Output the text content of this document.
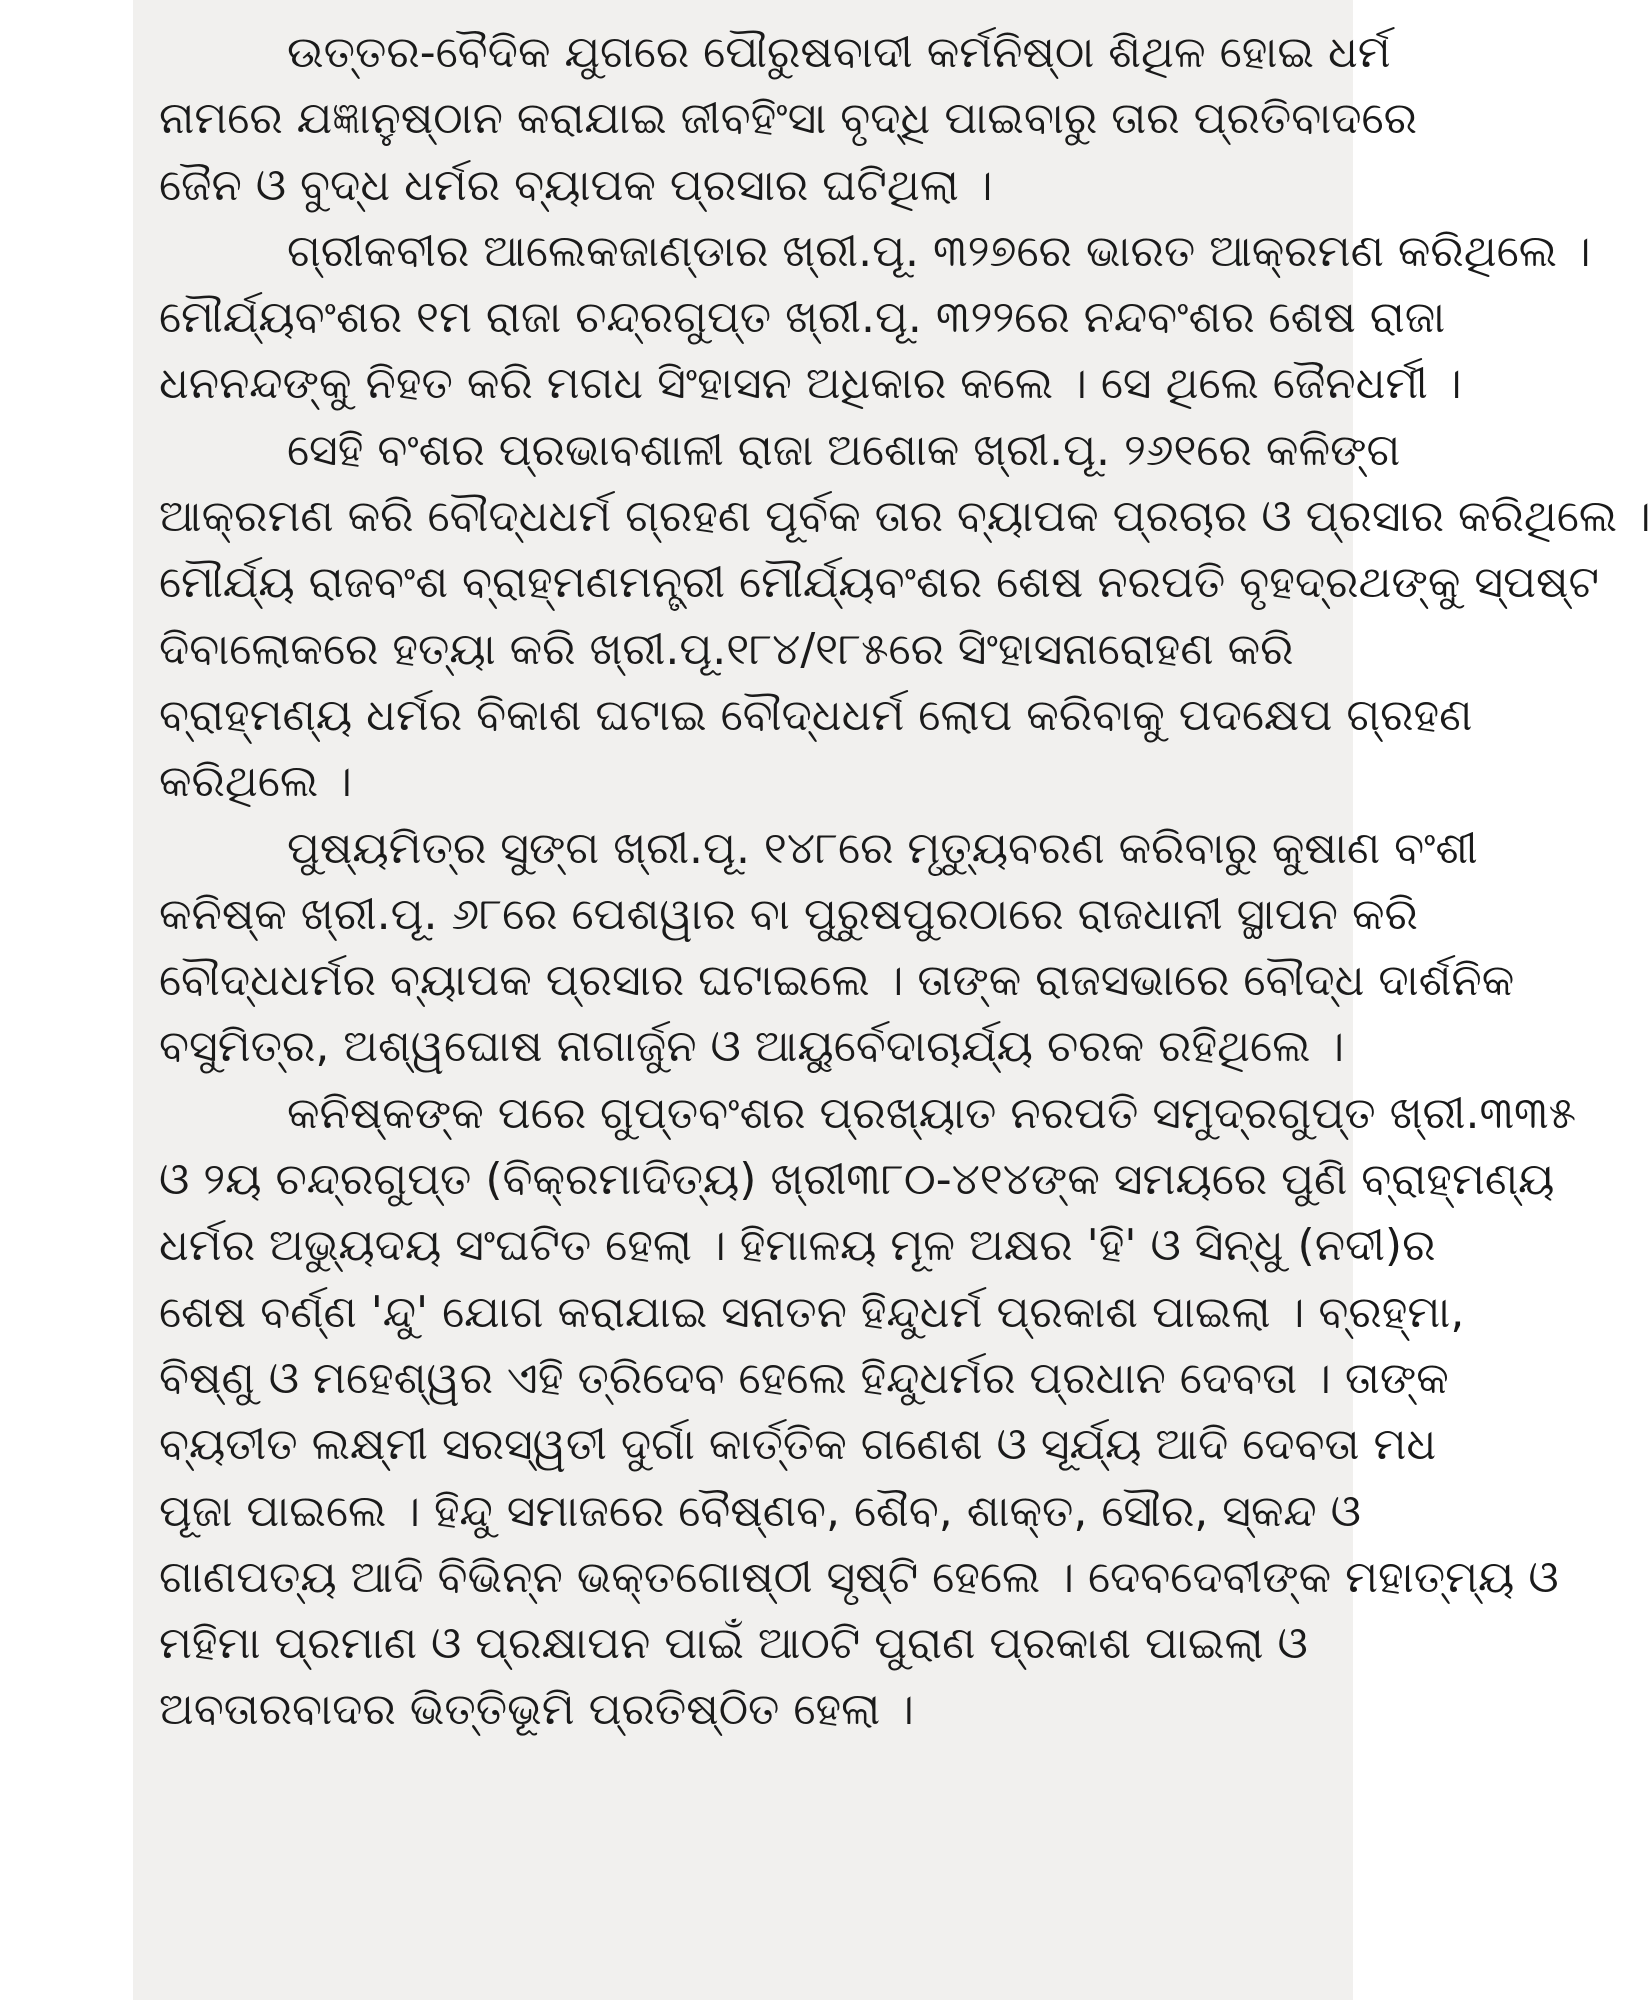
ଉତ୍ତର-ବୈଦିକ ଯୁଗରେ ପୌରୁଷବାଦୀ କର୍ମନିଷ୍ଠା ଶିଥିଳ ହୋଇ ଧର୍ମ
ନାମରେ ଯଜ୍ଞାନୁଷ୍ଠାନ କରାଯାଇ ଜୀବହିଂସା ବୃଦ୍ଧି ପାଇବାରୁ ତାର ପ୍ରତିବାଦରେ
ଜୈନ ଓ ବୁଦ୍ଧ ଧର୍ମର ବ୍ୟାପକ ପ୍ରସାର ଘଟିଥିଲା ।
ଗ୍ରୀକବୀର ଆଲେକଜାଣ୍ଡାର ଖ୍ରୀ.ପୂ. ୩୨୭ରେ ଭାରତ ଆକ୍ରମଣ କରିଥିଲେ ।
ମୌର୍ଯ୍ୟବଂଶର ୧ମ ରାଜା ଚନ୍ଦ୍ରଗୁପ୍ତ ଖ୍ରୀ.ପୂ. ୩୨୨ରେ ନନ୍ଦବଂଶର ଶେଷ ରାଜା
ଧନନନ୍ଦଙ୍କୁ ନିହତ କରି ମଗଧ ସିଂହାସନ ଅଧିକାର କଲେ । ସେ ଥିଲେ ଜୈନଧର୍ମୀ ।
ସେହି ବଂଶର ପ୍ରଭାବଶାଳୀ ରାଜା ଅଶୋକ ଖ୍ରୀ.ପୂ. ୨୬୧ରେ କଳିଙ୍ଗ
ଆକ୍ରମଣ କରି ବୌଦ୍ଧଧର୍ମ ଗ୍ରହଣ ପୂର୍ବକ ତାର ବ୍ୟାପକ ପ୍ରଚାର ଓ ପ୍ରସାର କରିଥିଲେ ।
ମୌର୍ଯ୍ୟ ରାଜବଂଶ ବ୍ରାହ୍ମଣମନ୍ତ୍ରୀ ମୌର୍ଯ୍ୟବଂଶର ଶେଷ ନରପତି ବୃହଦ୍ରଥଙ୍କୁ ସ୍ପଷ୍ଟ
ଦିବାଲୋକରେ ହତ୍ୟା କରି ଖ୍ରୀ.ପୂ.୧୮୪/୧୮୫ରେ ସିଂହାସନାରୋହଣ କରି
ବ୍ରାହ୍ମଣ୍ୟ ଧର୍ମର ବିକାଶ ଘଟାଇ ବୌଦ୍ଧଧର୍ମ ଲୋପ କରିବାକୁ ପଦକ୍ଷେପ ଗ୍ରହଣ
କରିଥିଲେ ।
ପୁଷ୍ୟମିତ୍ର ସୁଙ୍ଗ ଖ୍ରୀ.ପୂ. ୧୪୮ରେ ମୃତ୍ୟୁବରଣ କରିବାରୁ କୁଷାଣ ବଂଶୀ
କନିଷ୍କ ଖ୍ରୀ.ପୂ. ୬୮ରେ ପେଶୱାର ବା ପୁରୁଷପୁରଠାରେ ରାଜଧାନୀ ସ୍ଥାପନ କରି
ବୌଦ୍ଧଧର୍ମର ବ୍ୟାପକ ପ୍ରସାର ଘଟାଇଲେ । ତାଙ୍କ ରାଜସଭାରେ ବୌଦ୍ଧ ଦାର୍ଶନିକ
ବସୁମିତ୍ର, ଅଶ୍ୱଘୋଷ ନାଗାର୍ଜୁନ ଓ ଆୟୁର୍ବେଦାଚାର୍ଯ୍ୟ ଚରକ ରହିଥିଲେ ।
କନିଷ୍କଙ୍କ ପରେ ଗୁପ୍ତବଂଶର ପ୍ରଖ୍ୟାତ ନରପତି ସମୁଦ୍ରଗୁପ୍ତ ଖ୍ରୀ.୩୩୫
ଓ ୨ୟ ଚନ୍ଦ୍ରଗୁପ୍ତ (ବିକ୍ରମାଦିତ୍ୟ) ଖ୍ରୀ୩୮୦-୪୧୪ଙ୍କ ସମୟରେ ପୁଣି ବ୍ରାହ୍ମଣ୍ୟ
ଧର୍ମର ଅଭ୍ୟୁଦୟ ସଂଘଟିତ ହେଲା । ହିମାଳୟ ମୂଳ ଅକ୍ଷର 'ହି' ଓ ସିନ୍ଧୁ (ନଦୀ)ର
ଶେଷ ବର୍ଣ୍ଣ 'ନ୍ଦୁ' ଯୋଗ କରାଯାଇ ସନାତନ ହିନ୍ଦୁଧର୍ମ ପ୍ରକାଶ ପାଇଲା । ବ୍ରହ୍ମା,
ବିଷ୍ଣୁ ଓ ମହେଶ୍ୱର ଏହି ତ୍ରିଦେବ ହେଲେ ହିନ୍ଦୁଧର୍ମର ପ୍ରଧାନ ଦେବତା । ତାଙ୍କ
ବ୍ୟତୀତ ଲକ୍ଷ୍ମୀ ସରସ୍ୱତୀ ଦୁର୍ଗା କାର୍ତ୍ତିକ ଗଣେଶ ଓ ସୂର୍ଯ୍ୟ ଆଦି ଦେବତା ମଧ
ପୂଜା ପାଇଲେ । ହିନ୍ଦୁ ସମାଜରେ ବୈଷ୍ଣବ, ଶୈବ, ଶାକ୍ତ, ସୌର, ସ୍କନ୍ଦ ଓ
ଗାଣପତ୍ୟ ଆଦି ବିଭିନ୍ନ ଭକ୍ତଗୋଷ୍ଠୀ ସୃଷ୍ଟି ହେଲେ । ଦେବଦେବୀଙ୍କ ମହାତ୍ମ୍ୟ ଓ
ମହିମା ପ୍ରମାଣ ଓ ପ୍ରକ୍ଷାପନ ପାଇଁ ଆଠଟି ପୁରାଣ ପ୍ରକାଶ ପାଇଲା ଓ
ଅବତାରବାଦର ଭିତ୍ତିଭୂମି ପ୍ରତିଷ୍ଠିତ ହେଲା ।
